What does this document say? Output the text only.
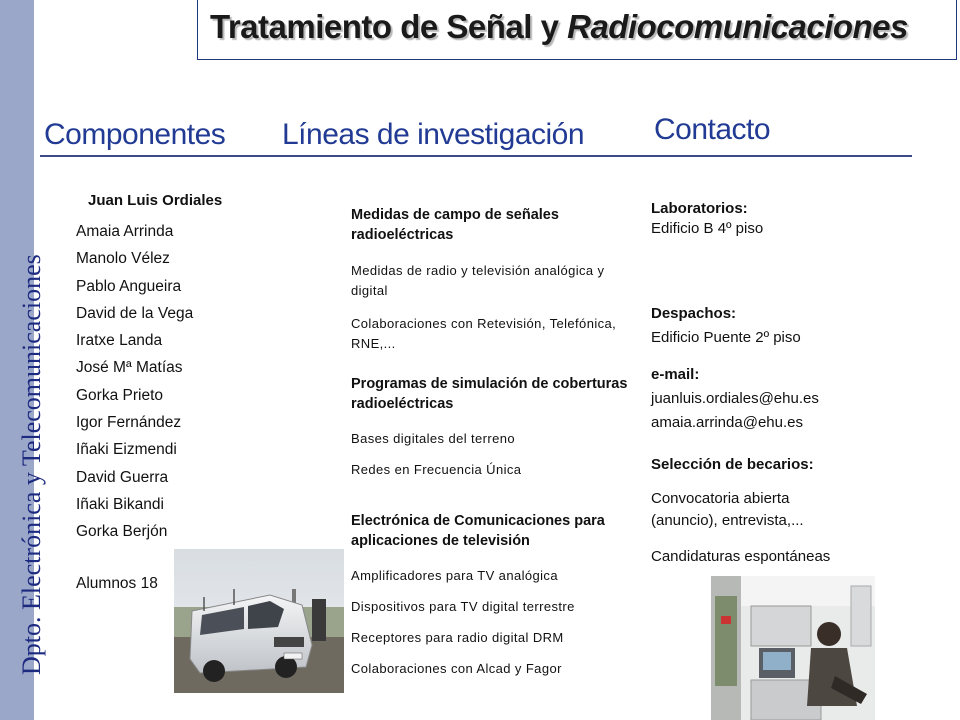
Dpto. Electrónica y Telecomunicaciones
Tratamiento de Señal y Radiocomunicaciones
Componentes Líneas de investigación Contacto
Juan Luis Ordiales
Amaia Arrinda
Manolo Vélez
Pablo Angueira
David de la Vega
Iratxe Landa
José Mª Matías
Gorka Prieto
Igor Fernández
Iñaki Eizmendi
David Guerra
Iñaki Bikandi
Gorka Berjón
Alumnos 18
Medidas de campo de señales radioeléctricas
Medidas de radio y televisión analógica y digital
Colaboraciones con Retevisión, Telefónica, RNE,...
Programas de simulación de coberturas radioeléctricas
Bases digitales del terreno
Redes en Frecuencia Única
Electrónica de Comunicaciones para aplicaciones de televisión
Amplificadores para TV analógica
Dispositivos para TV digital terrestre
Receptores para radio digital DRM
Colaboraciones con Alcad y Fagor
Laboratorios:
Edificio B 4º piso
Despachos:
Edificio Puente 2º piso
e-mail:
juanluis.ordiales@ehu.es
amaia.arrinda@ehu.es
Selección de becarios:
Convocatoria abierta
(anuncio), entrevista,...
Candidaturas espontáneas
